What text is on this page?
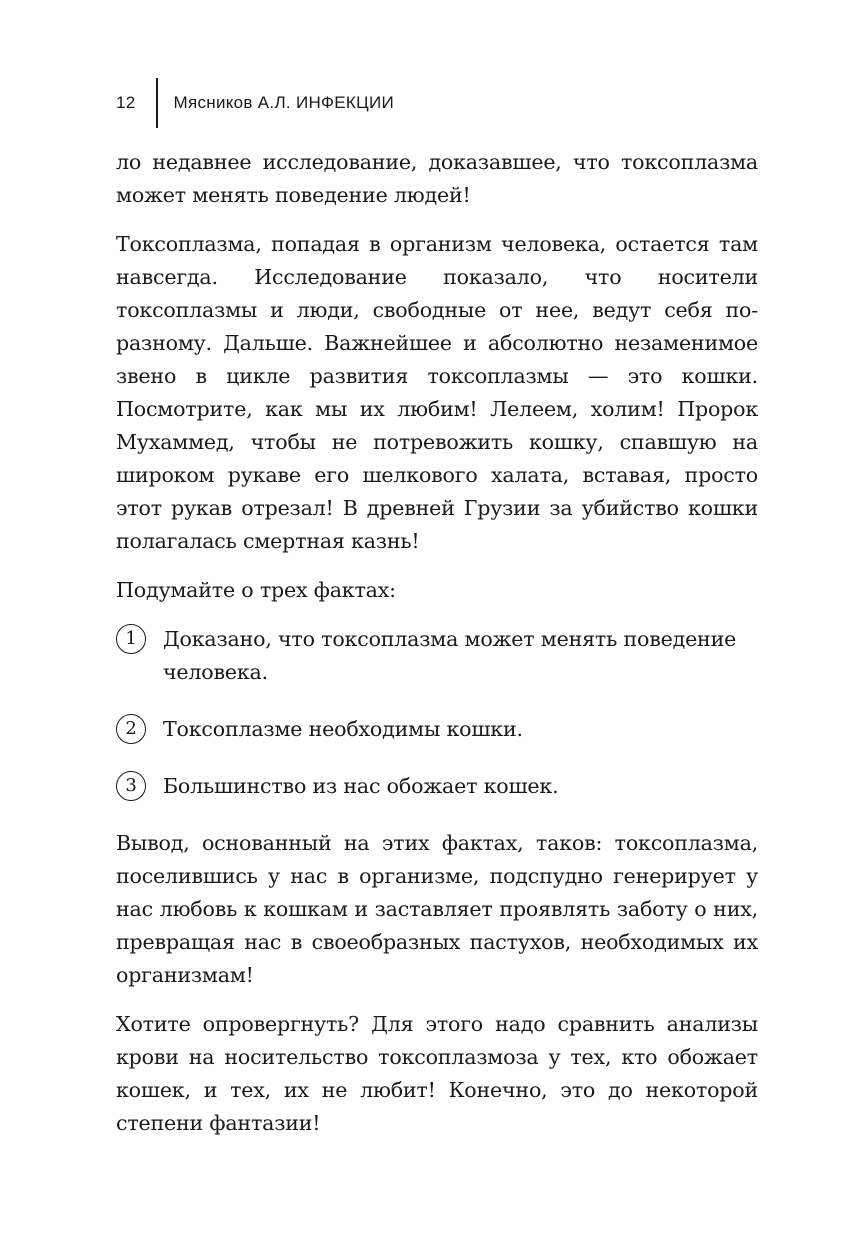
12	Мясников А.Л. ИНФЕКЦИИ

ло недавнее исследование, доказавшее, что токсоплазма может менять поведение людей!

Токсоплазма, попадая в организм человека, остается там навсегда. Исследование показало, что носители токсоплазмы и люди, свободные от нее, ведут себя по-разному. Дальше. Важнейшее и абсолютно незаменимое звено в цикле развития токсоплазмы — это кошки. Посмотрите, как мы их любим! Лелеем, холим! Пророк Мухаммед, чтобы не потревожить кошку, спавшую на широком рукаве его шелкового халата, вставая, просто этот рукав отрезал! В древней Грузии за убийство кошки полагалась смертная казнь!

Подумайте о трех фактах:

1	Доказано, что токсоплазма может менять поведение человека.
2	Токсоплазме необходимы кошки.
3	Большинство из нас обожает кошек.

Вывод, основанный на этих фактах, таков: токсоплазма, поселившись у нас в организме, подспудно генерирует у нас любовь к кошкам и заставляет проявлять заботу о них, превращая нас в своеобразных пастухов, необходимых их организмам!

Хотите опровергнуть? Для этого надо сравнить анализы крови на носительство токсоплазмоза у тех, кто обожает кошек, и тех, их не любит! Конечно, это до некоторой степени фантазии!
